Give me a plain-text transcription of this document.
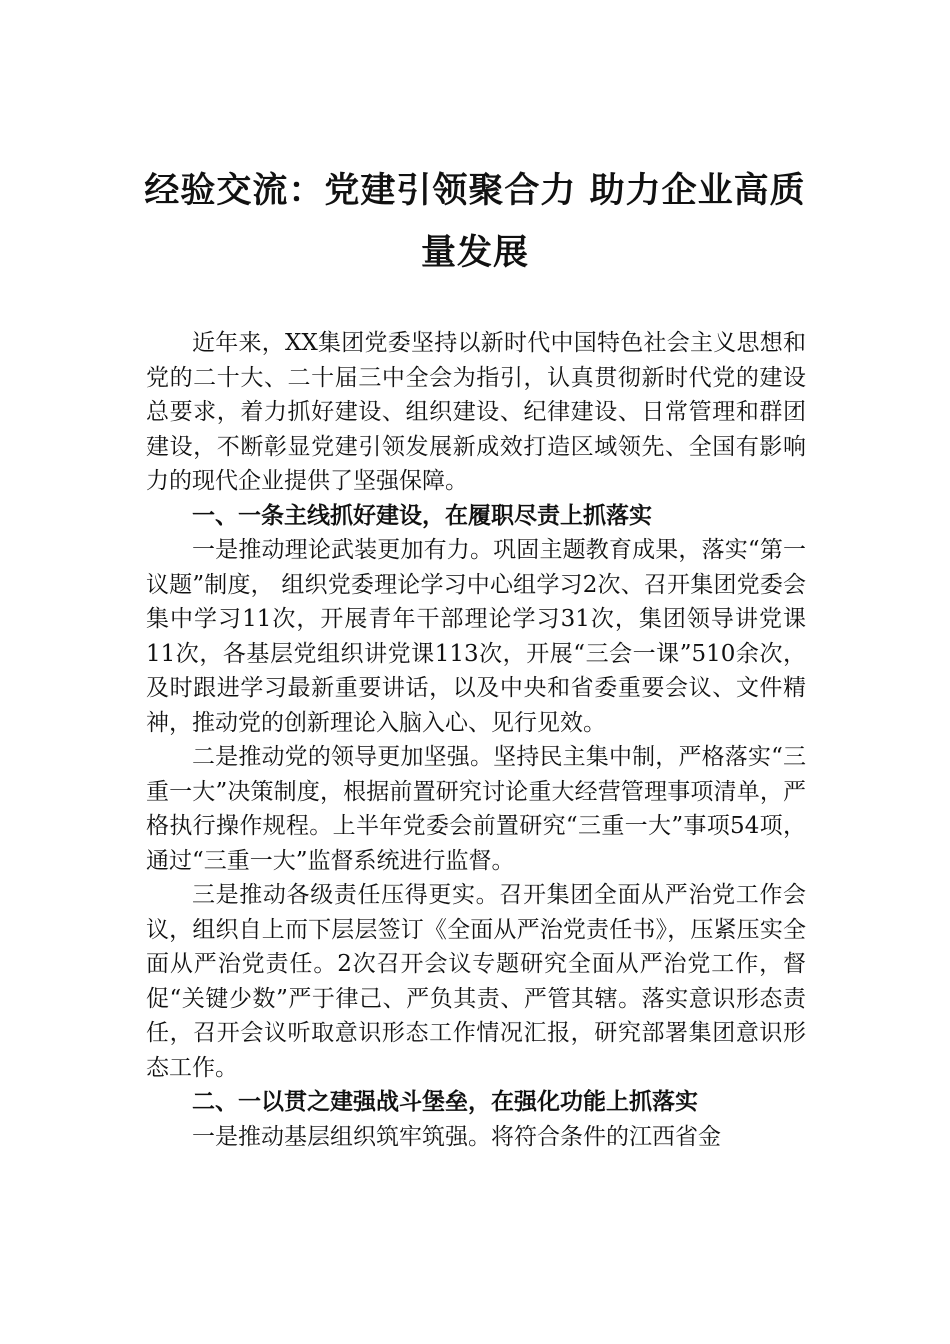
经验交流：党建引领聚合力 助力企业高质
量发展

近年来，XX集团党委坚持以新时代中国特色社会主义思想和党的二十大、二十届三中全会为指引，认真贯彻新时代党的建设总要求，着力抓好建设、组织建设、纪律建设、日常管理和群团建设，不断彰显党建引领发展新成效打造区域领先、全国有影响力的现代企业提供了坚强保障。

一、一条主线抓好建设，在履职尽责上抓落实

一是推动理论武装更加有力。巩固主题教育成果，落实“第一议题”制度， 组织党委理论学习中心组学习2次、召开集团党委会集中学习11次，开展青年干部理论学习31次，集团领导讲党课11次，各基层党组织讲党课113次，开展“三会一课”510余次，及时跟进学习最新重要讲话，以及中央和省委重要会议、文件精神，推动党的创新理论入脑入心、见行见效。

二是推动党的领导更加坚强。坚持民主集中制，严格落实“三重一大”决策制度，根据前置研究讨论重大经营管理事项清单，严格执行操作规程。上半年党委会前置研究“三重一大”事项54项，通过“三重一大”监督系统进行监督。

三是推动各级责任压得更实。召开集团全面从严治党工作会议，组织自上而下层层签订《全面从严治党责任书》，压紧压实全面从严治党责任。2次召开会议专题研究全面从严治党工作，督促“关键少数”严于律己、严负其责、严管其辖。落实意识形态责任，召开会议听取意识形态工作情况汇报，研究部署集团意识形态工作。

二、一以贯之建强战斗堡垒，在强化功能上抓落实

一是推动基层组织筑牢筑强。将符合条件的江西省金
